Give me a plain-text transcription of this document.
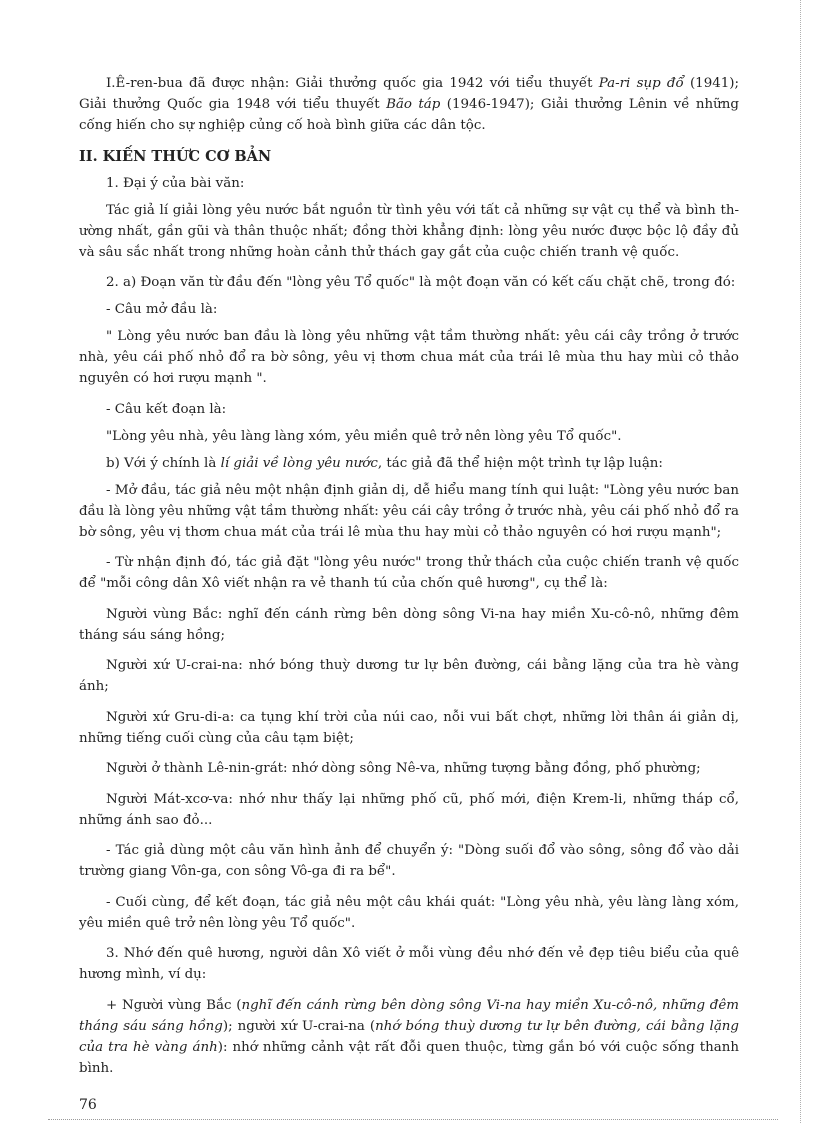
I.Ê-ren-bua đã được nhận: Giải thưởng quốc gia 1942 với tiểu thuyết Pa-ri sụp đổ (1941); Giải thưởng Quốc gia 1948 với tiểu thuyết Bão táp (1946-1947); Giải thưởng Lênin về những cống hiến cho sự nghiệp củng cố hoà bình giữa các dân tộc.

II. KIẾN THỨC CƠ BẢN

1. Đại ý của bài văn:

Tác giả lí giải lòng yêu nước bắt nguồn từ tình yêu với tất cả những sự vật cụ thể và bình thường nhất, gần gũi và thân thuộc nhất; đồng thời khẳng định: lòng yêu nước được bộc lộ đầy đủ và sâu sắc nhất trong những hoàn cảnh thử thách gay gắt của cuộc chiến tranh vệ quốc.

2. a) Đoạn văn từ đầu đến "lòng yêu Tổ quốc" là một đoạn văn có kết cấu chặt chẽ, trong đó:

- Câu mở đầu là:

" Lòng yêu nước ban đầu là lòng yêu những vật tầm thường nhất: yêu cái cây trồng ở trước nhà, yêu cái phố nhỏ đổ ra bờ sông, yêu vị thơm chua mát của trái lê mùa thu hay mùi cỏ thảo nguyên có hơi rượu mạnh ".

- Câu kết đoạn là:

"Lòng yêu nhà, yêu làng làng xóm, yêu miền quê trở nên lòng yêu Tổ quốc".

b) Với ý chính là lí giải về lòng yêu nước, tác giả đã thể hiện một trình tự lập luận:

- Mở đầu, tác giả nêu một nhận định giản dị, dễ hiểu mang tính qui luật: "Lòng yêu nước ban đầu là lòng yêu những vật tầm thường nhất: yêu cái cây trồng ở trước nhà, yêu cái phố nhỏ đổ ra bờ sông, yêu vị thơm chua mát của trái lê mùa thu hay mùi cỏ thảo nguyên có hơi rượu mạnh";

- Từ nhận định đó, tác giả đặt "lòng yêu nước" trong thử thách của cuộc chiến tranh vệ quốc để "mỗi công dân Xô viết nhận ra vẻ thanh tú của chốn quê hương", cụ thể là:

Người vùng Bắc: nghĩ đến cánh rừng bên dòng sông Vi-na hay miền Xu-cô-nô, những đêm tháng sáu sáng hồng;

Người xứ U-crai-na: nhớ bóng thuỳ dương tư lự bên đường, cái bằng lặng của tra hè vàng ánh;

Người xứ Gru-di-a: ca tụng khí trời của núi cao, nỗi vui bất chợt, những lời thân ái giản dị, những tiếng cuối cùng của câu tạm biệt;

Người ở thành Lê-nin-grát: nhớ dòng sông Nê-va, những tượng bằng đồng, phố phường;

Người Mát-xcơ-va: nhớ như thấy lại những phố cũ, phố mới, điện Krem-li, những tháp cổ, những ánh sao đỏ...

- Tác giả dùng một câu văn hình ảnh để chuyển ý: "Dòng suối đổ vào sông, sông đổ vào dải trường giang Vôn-ga, con sông Vô-ga đi ra bể".

- Cuối cùng, để kết đoạn, tác giả nêu một câu khái quát: "Lòng yêu nhà, yêu làng làng xóm, yêu miền quê trở nên lòng yêu Tổ quốc".

3. Nhớ đến quê hương, người dân Xô viết ở mỗi vùng đều nhớ đến vẻ đẹp tiêu biểu của quê hương mình, ví dụ:

+ Người vùng Bắc (nghĩ đến cánh rừng bên dòng sông Vi-na hay miền Xu-cô-nô, những đêm tháng sáu sáng hồng); người xứ U-crai-na (nhớ bóng thuỳ dương tư lự bên đường, cái bằng lặng của tra hè vàng ánh): nhớ những cảnh vật rất đỗi quen thuộc, từng gắn bó với cuộc sống thanh bình.

76
